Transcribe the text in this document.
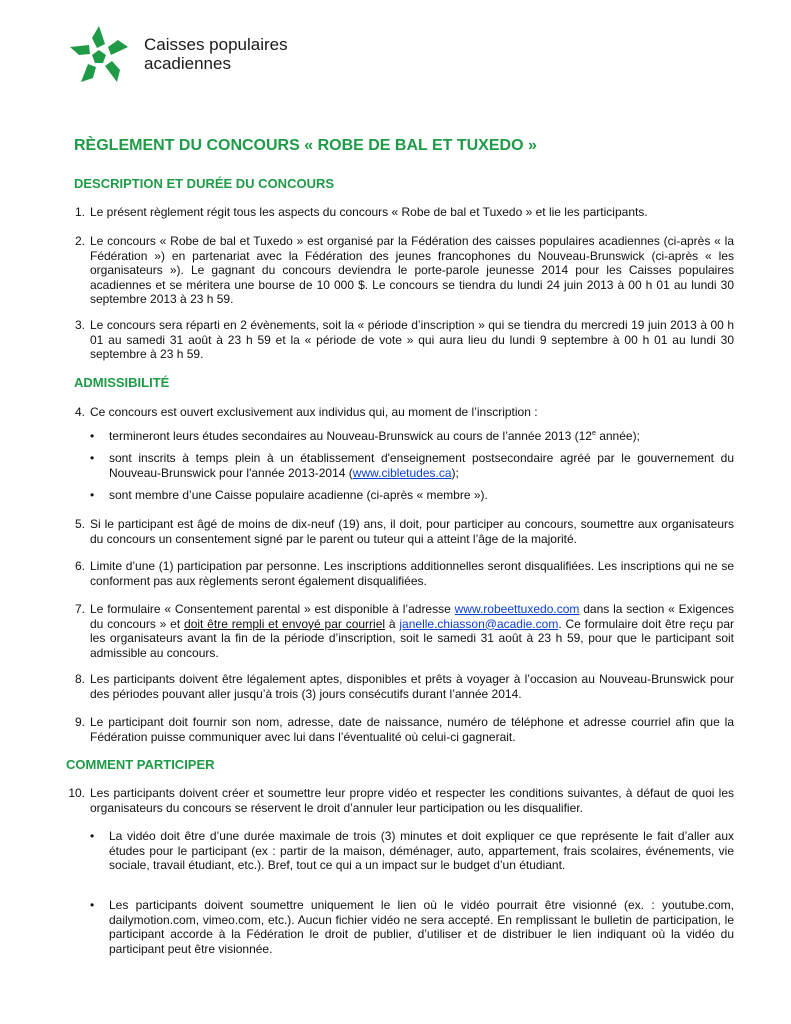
Caisses populaires
acadiennes
RÈGLEMENT DU CONCOURS « ROBE DE BAL ET TUXEDO »
DESCRIPTION ET DURÉE DU CONCOURS
1. Le présent règlement régit tous les aspects du concours « Robe de bal et Tuxedo » et lie les participants.
2. Le concours « Robe de bal et Tuxedo » est organisé par la Fédération des caisses populaires acadiennes (ci-après « la Fédération ») en partenariat avec la Fédération des jeunes francophones du Nouveau-Brunswick (ci-après « les organisateurs »). Le gagnant du concours deviendra le porte-parole jeunesse 2014 pour les Caisses populaires acadiennes et se méritera une bourse de 10 000 $. Le concours se tiendra du lundi 24 juin 2013 à 00 h 01 au lundi 30 septembre 2013 à 23 h 59.
3. Le concours sera réparti en 2 évènements, soit la « période d’inscription » qui se tiendra du mercredi 19 juin 2013 à 00 h 01 au samedi 31 août à 23 h 59 et la « période de vote » qui aura lieu du lundi 9 septembre à 00 h 01 au lundi 30 septembre à 23 h 59.
ADMISSIBILITÉ
4. Ce concours est ouvert exclusivement aux individus qui, au moment de l’inscription :
• termineront leurs études secondaires au Nouveau-Brunswick au cours de l’année 2013 (12e année);
• sont inscrits à temps plein à un établissement d'enseignement postsecondaire agréé par le gouvernement du Nouveau-Brunswick pour l'année 2013-2014 (www.cibletudes.ca);
• sont membre d’une Caisse populaire acadienne (ci-après « membre »).
5. Si le participant est âgé de moins de dix-neuf (19) ans, il doit, pour participer au concours, soumettre aux organisateurs du concours un consentement signé par le parent ou tuteur qui a atteint l’âge de la majorité.
6. Limite d’une (1) participation par personne. Les inscriptions additionnelles seront disqualifiées. Les inscriptions qui ne se conforment pas aux règlements seront également disqualifiées.
7. Le formulaire « Consentement parental » est disponible à l’adresse www.robeettuxedo.com dans la section « Exigences du concours » et doit être rempli et envoyé par courriel à janelle.chiasson@acadie.com. Ce formulaire doit être reçu par les organisateurs avant la fin de la période d’inscription, soit le samedi 31 août à 23 h 59, pour que le participant soit admissible au concours.
8. Les participants doivent être légalement aptes, disponibles et prêts à voyager à l’occasion au Nouveau-Brunswick pour des périodes pouvant aller jusqu’à trois (3) jours consécutifs durant l’année 2014.
9. Le participant doit fournir son nom, adresse, date de naissance, numéro de téléphone et adresse courriel afin que la Fédération puisse communiquer avec lui dans l’éventualité où celui-ci gagnerait.
COMMENT PARTICIPER
10. Les participants doivent créer et soumettre leur propre vidéo et respecter les conditions suivantes, à défaut de quoi les organisateurs du concours se réservent le droit d’annuler leur participation ou les disqualifier.
• La vidéo doit être d’une durée maximale de trois (3) minutes et doit expliquer ce que représente le fait d’aller aux études pour le participant (ex : partir de la maison, déménager, auto, appartement, frais scolaires, événements, vie sociale, travail étudiant, etc.). Bref, tout ce qui a un impact sur le budget d’un étudiant.
• Les participants doivent soumettre uniquement le lien où le vidéo pourrait être visionné (ex. : youtube.com, dailymotion.com, vimeo.com, etc.). Aucun fichier vidéo ne sera accepté. En remplissant le bulletin de participation, le participant accorde à la Fédération le droit de publier, d’utiliser et de distribuer le lien indiquant où la vidéo du participant peut être visionnée.
